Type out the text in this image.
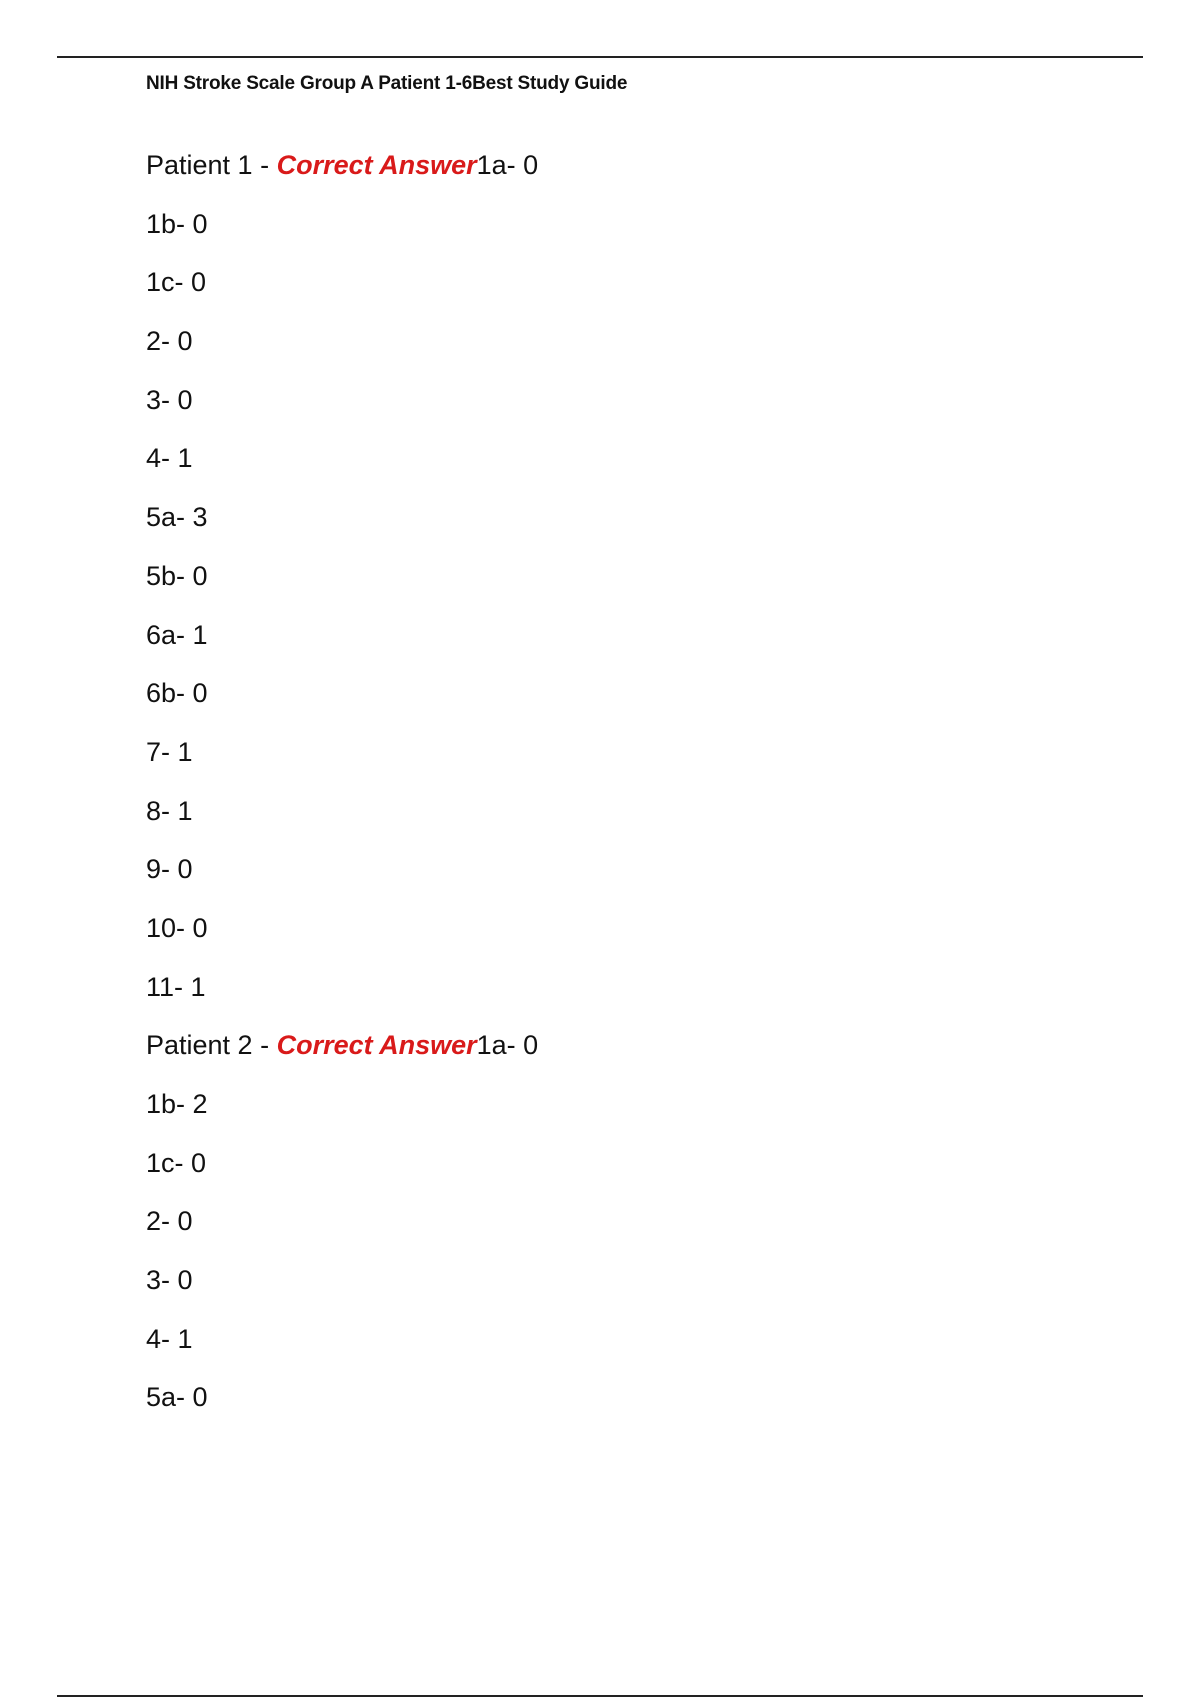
NIH Stroke Scale Group A Patient 1-6Best Study Guide
Patient 1 - Correct Answer1a- 0
1b- 0
1c- 0
2- 0
3- 0
4- 1
5a- 3
5b- 0
6a- 1
6b- 0
7- 1
8- 1
9- 0
10- 0
11- 1
Patient 2 - Correct Answer1a- 0
1b- 2
1c- 0
2- 0
3- 0
4- 1
5a- 0
